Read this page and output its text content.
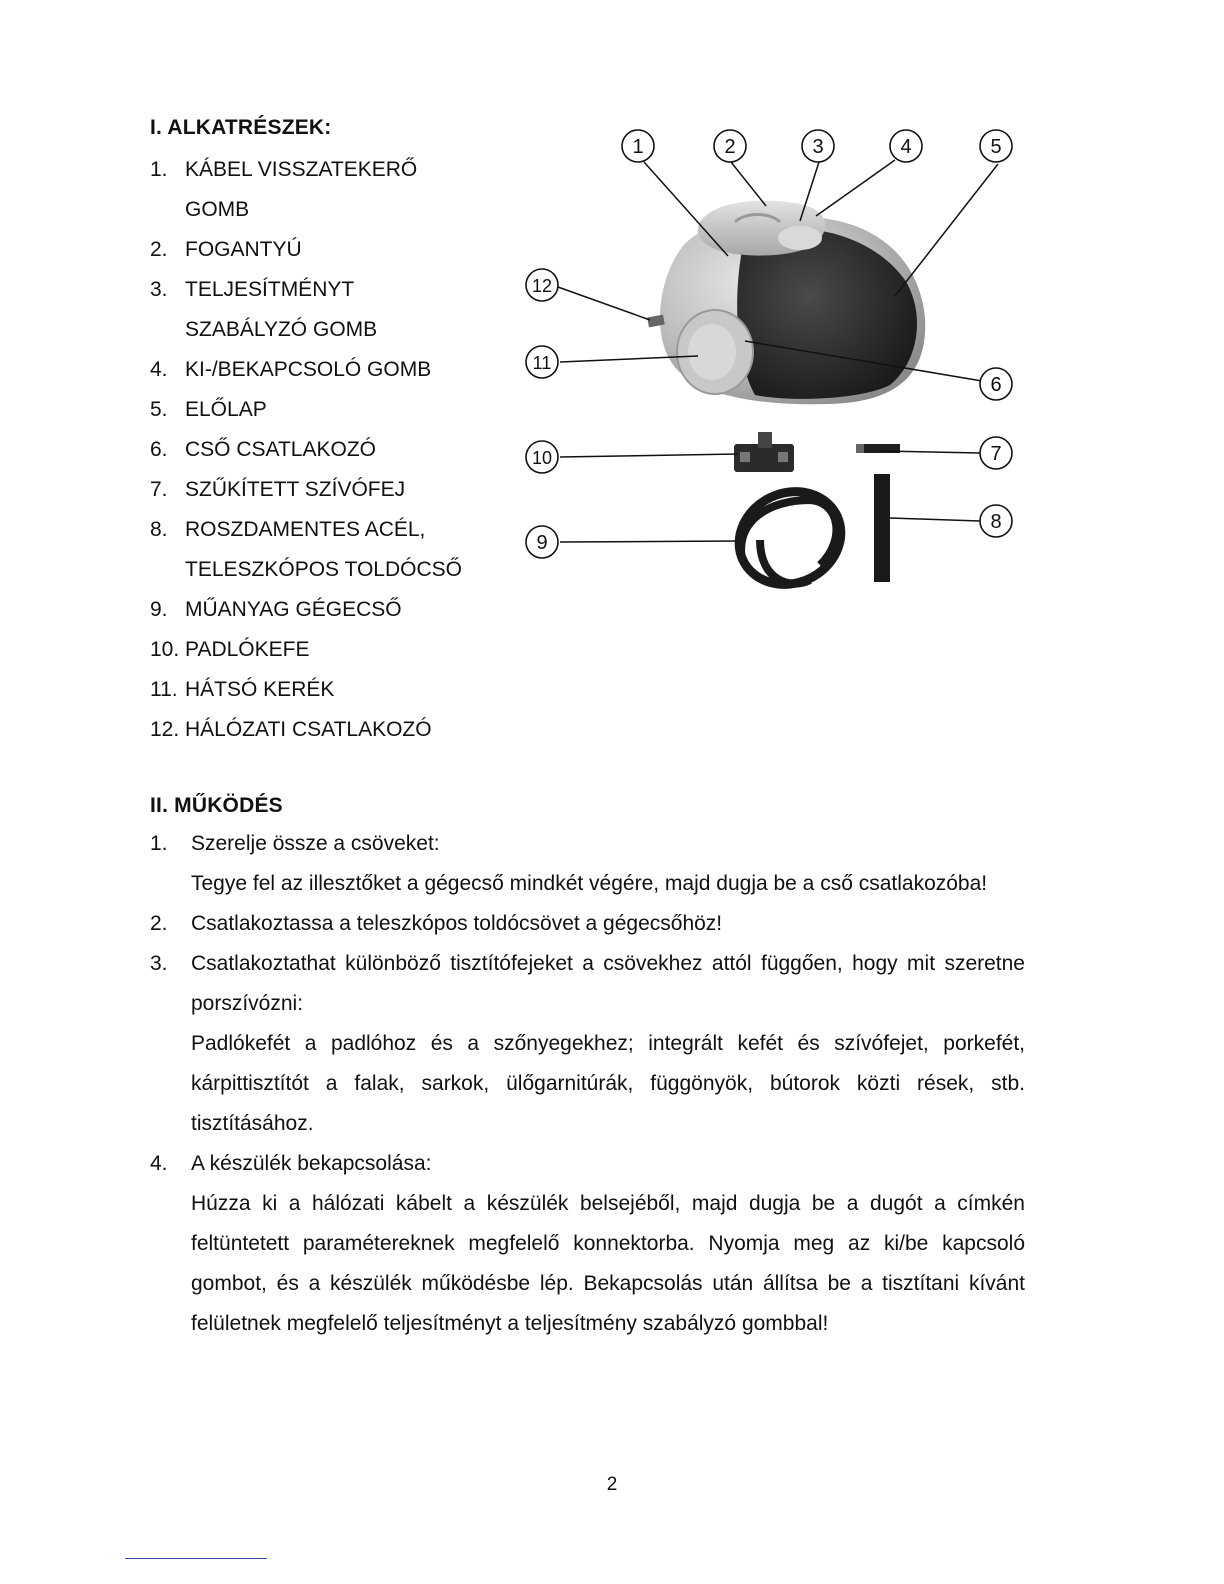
I. ALKATRÉSZEK:
1. KÁBEL VISSZATEKERŐ
GOMB
2. FOGANTYÚ
3. TELJESÍTMÉNYT
SZABÁLYZÓ GOMB
4. KI-/BEKAPCSOLÓ GOMB
5. ELŐLAP
6. CSŐ CSATLAKOZÓ
7. SZŰKÍTETT SZÍVÓFEJ
8. ROSZDAMENTES ACÉL,
TELESZKÓPOS TOLDÓCSŐ
9. MŰANYAG GÉGECSŐ
10. PADLÓKEFE
11. HÁTSÓ KERÉK
12. HÁLÓZATI CSATLAKOZÓ
1	2	3	4	5
6
7
8
9
10
11
12
II. MŰKÖDÉS
1. Szerelje össze a csöveket:

Tegye fel az illesztőket a gégecső mindkét végére, majd dugja be a cső csatlakozóba!

2. Csatlakoztassa a teleszkópos toldócsövet a gégecsőhöz!

3. Csatlakoztathat különböző tisztítófejeket a csövekhez attól függően, hogy mit szeretne porszívózni:

Padlókefét a padlóhoz és a szőnyegekhez; integrált kefét és szívófejet, porkefét, kárpittisztítót a falak, sarkok, ülőgarnitúrák, függönyök, bútorok közti rések, stb. tisztításához.

4. A készülék bekapcsolása:

Húzza ki a hálózati kábelt a készülék belsejéből, majd dugja be a dugót a címkén feltüntetett paramétereknek megfelelő konnektorba. Nyomja meg az ki/be kapcsoló gombot, és a készülék működésbe lép. Bekapcsolás után állítsa be a tisztítani kívánt felületnek megfelelő teljesítményt a teljesítmény szabályzó gombbal!

2
